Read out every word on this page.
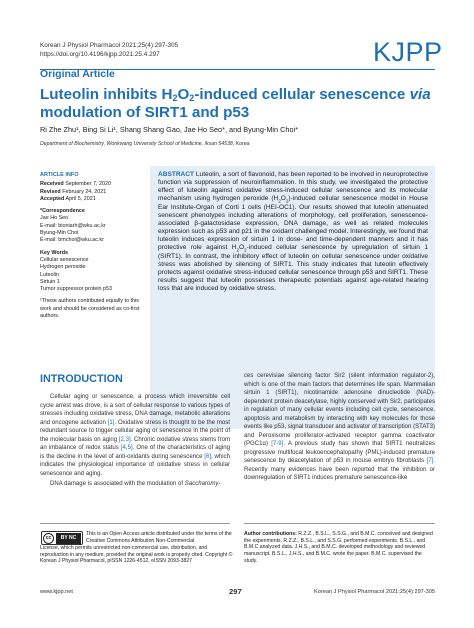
Korean J Physiol Pharmacol 2021;25(4):297-305
https://doi.org/10.4196/kjpp.2021.25.4.297	KJPP
Original Article
Luteolin inhibits $H_2O_2$-induced cellular senescence via modulation of SIRT1 and p53
Ri Zhe Zhu¹, Bing Si Li¹, Shang Shang Gao, Jae Ho Seo*, and Byung-Min Choi*
Department of Biochemistry, Wonkwang University School of Medicine, Iksan 54538, Korea
ARTICLE INFO
Received September 7, 2020
Revised February 24, 2021
Accepted April 5, 2021
*Correspondence
Jae Ho Seo
E-mail: bioniarh@wku.ac.kr
Byung-Min Choi
E-mail: bmchoi@wku.ac.kr
Key Words
Cellular senescence
Hydrogen peroxide
Luteolin
Sirtuin 1
Tumor suppressor protein p53
¹These authors contributed equally to this work and should be considered as co-first authors.
ABSTRACT Luteolin, a sort of flavonoid, has been reported to be involved in neuroprotective function via suppression of neuroinflammation. In this study, we investigated the protective effect of luteolin against oxidative stress-induced cellular senescence and its molecular mechanism using hydrogen peroxide $(H_2O_2)$-induced cellular senescence model in House Ear Institute-Organ of Corti 1 cells (HEI-OC1). Our results showed that luteolin attenuated senescent phenotypes including alterations of morphology, cell proliferation, senescence-associated β-galactosidase expression, DNA damage, as well as related molecules expression such as p53 and p21 in the oxidant challenged model. Interestingly, we found that luteolin induces expression of sirtuin 1 in dose- and time-dependent manners and it has protective role against $H_2O_2$-induced cellular senescence by upregulation of sirtuin 1 (SIRT1). In contrast, the inhibitory effect of luteolin on cellular senescence under oxidative stress was abolished by silencing of SIRT1. This study indicates that luteolin effectively protects against oxidative stress-induced cellular senescence through p53 and SIRT1. These results suggest that luteolin possesses therapeutic potentials against age-related hearing loss that are induced by oxidative stress.
INTRODUCTION

Cellular aging or senescence, a process which irreversible cell cycle arrest was drove, is a sort of cellular response to various types of stresses including oxidative stress, DNA damage, metabolic alterations and oncogene activation [1]. Oxidative stress is thought to be the most redundant source to trigger cellular aging or senescence in the point of the molecular basis on aging [2,3]. Chronic oxidative stress stems from an imbalance of redox status [4,5]. One of the characteristics of aging is the decline in the level of anti-oxidants during senescence [6], which indicates the physiological importance of oxidative stress in cellular senescence and aging.

DNA damage is associated with the modulation of Saccharomy-

ces cerevisiae silencing factor Sir2 (silent information regulator-2), which is one of the main factors that determines life span. Mammalian sirtuin 1 (SIRT1), nicotinamide adenosine dinucleotide (NAD)-dependent protein deacetylase, highly conserved with Sir2, participates in regulation of many cellular events including cell cycle, senescence, apoptosis and metabolism by interacting with key molecules for those events like p53, signal transducer and activator of transcription (STAT3) and Peroxisome proliferator-activated receptor gamma coactivator (PGC1α) [7-9]. A previous study has shown that SIRT1 neutralizes progressive multifocal leukoencephalopathy (PML)-induced premature senescence by deacetylation of p53 in mouse embryo fibroblasts [7]. Recently many evidences have been reported that the inhibition or downregulation of SIRT1 induces premature senescence-like

cc	BY NC
This is an Open Access article distributed under the terms of the Creative Commons Attribution Non-Commercial
License, which permits unrestricted non-commercial use, distribution, and reproduction in any medium, provided the original work is properly cited. Copyright © Korean J Physiol Pharmacol, pISSN 1226-4512, eISSN 2093-3827
Author contributions: R.Z.Z., B.S.L., S.S.G., and B.M.C. conceived and designed the experiments. R.Z.Z., B.S.L., and S.S.G. performed experiments. B.S.L., and B.M.C analyzed data. J.H.S., and B.M.C. developed methodology and reviewed manuscript. B.S.L., J.H.S., and B.M.C. wrote the paper. B.M.C. supervised the study.
www.kjpp.net	297	Korean J Physiol Pharmacol 2021;25(4):297-305
